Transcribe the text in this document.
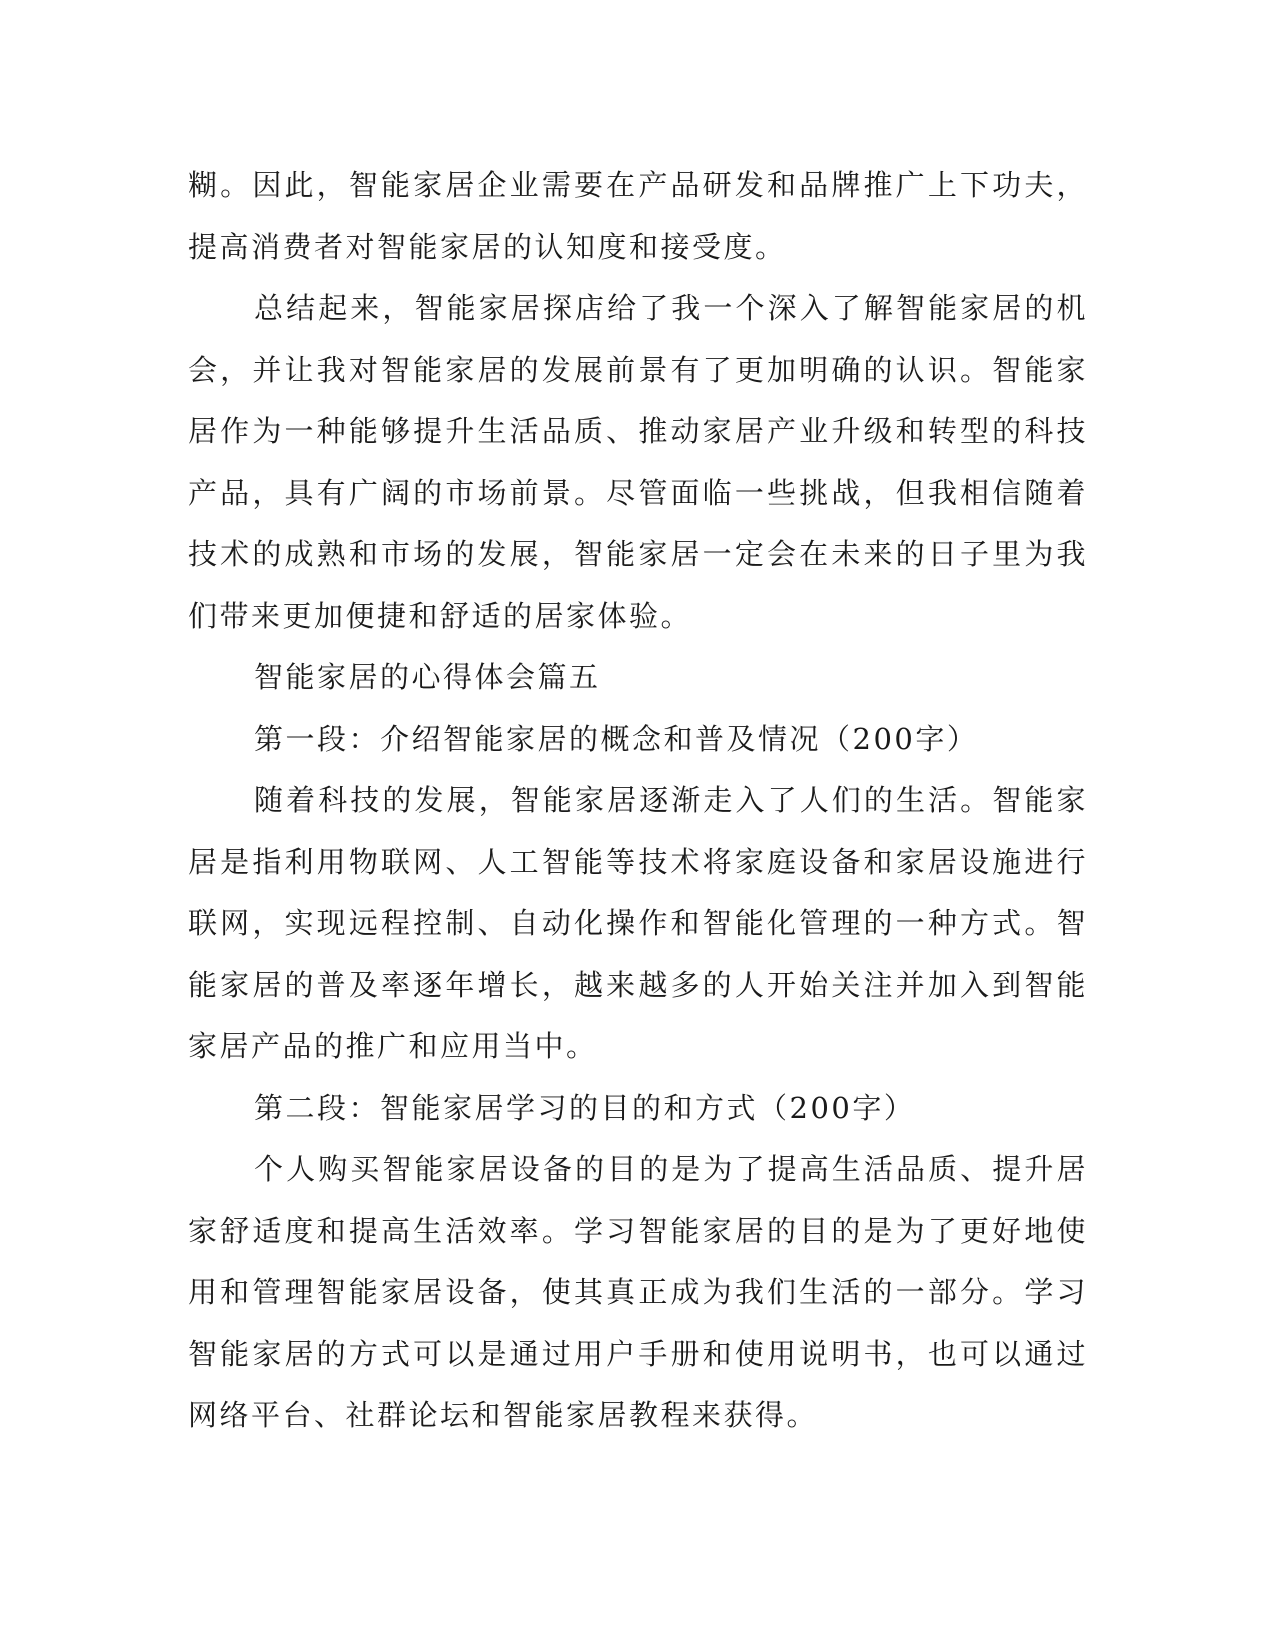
糊。因此，智能家居企业需要在产品研发和品牌推广上下功夫，提高消费者对智能家居的认知度和接受度。

总结起来，智能家居探店给了我一个深入了解智能家居的机会，并让我对智能家居的发展前景有了更加明确的认识。智能家居作为一种能够提升生活品质、推动家居产业升级和转型的科技产品，具有广阔的市场前景。尽管面临一些挑战，但我相信随着技术的成熟和市场的发展，智能家居一定会在未来的日子里为我们带来更加便捷和舒适的居家体验。

智能家居的心得体会篇五

第一段：介绍智能家居的概念和普及情况（200字）

随着科技的发展，智能家居逐渐走入了人们的生活。智能家居是指利用物联网、人工智能等技术将家庭设备和家居设施进行联网，实现远程控制、自动化操作和智能化管理的一种方式。智能家居的普及率逐年增长，越来越多的人开始关注并加入到智能家居产品的推广和应用当中。

第二段：智能家居学习的目的和方式（200字）

个人购买智能家居设备的目的是为了提高生活品质、提升居家舒适度和提高生活效率。学习智能家居的目的是为了更好地使用和管理智能家居设备，使其真正成为我们生活的一部分。学习智能家居的方式可以是通过用户手册和使用说明书，也可以通过网络平台、社群论坛和智能家居教程来获得。
